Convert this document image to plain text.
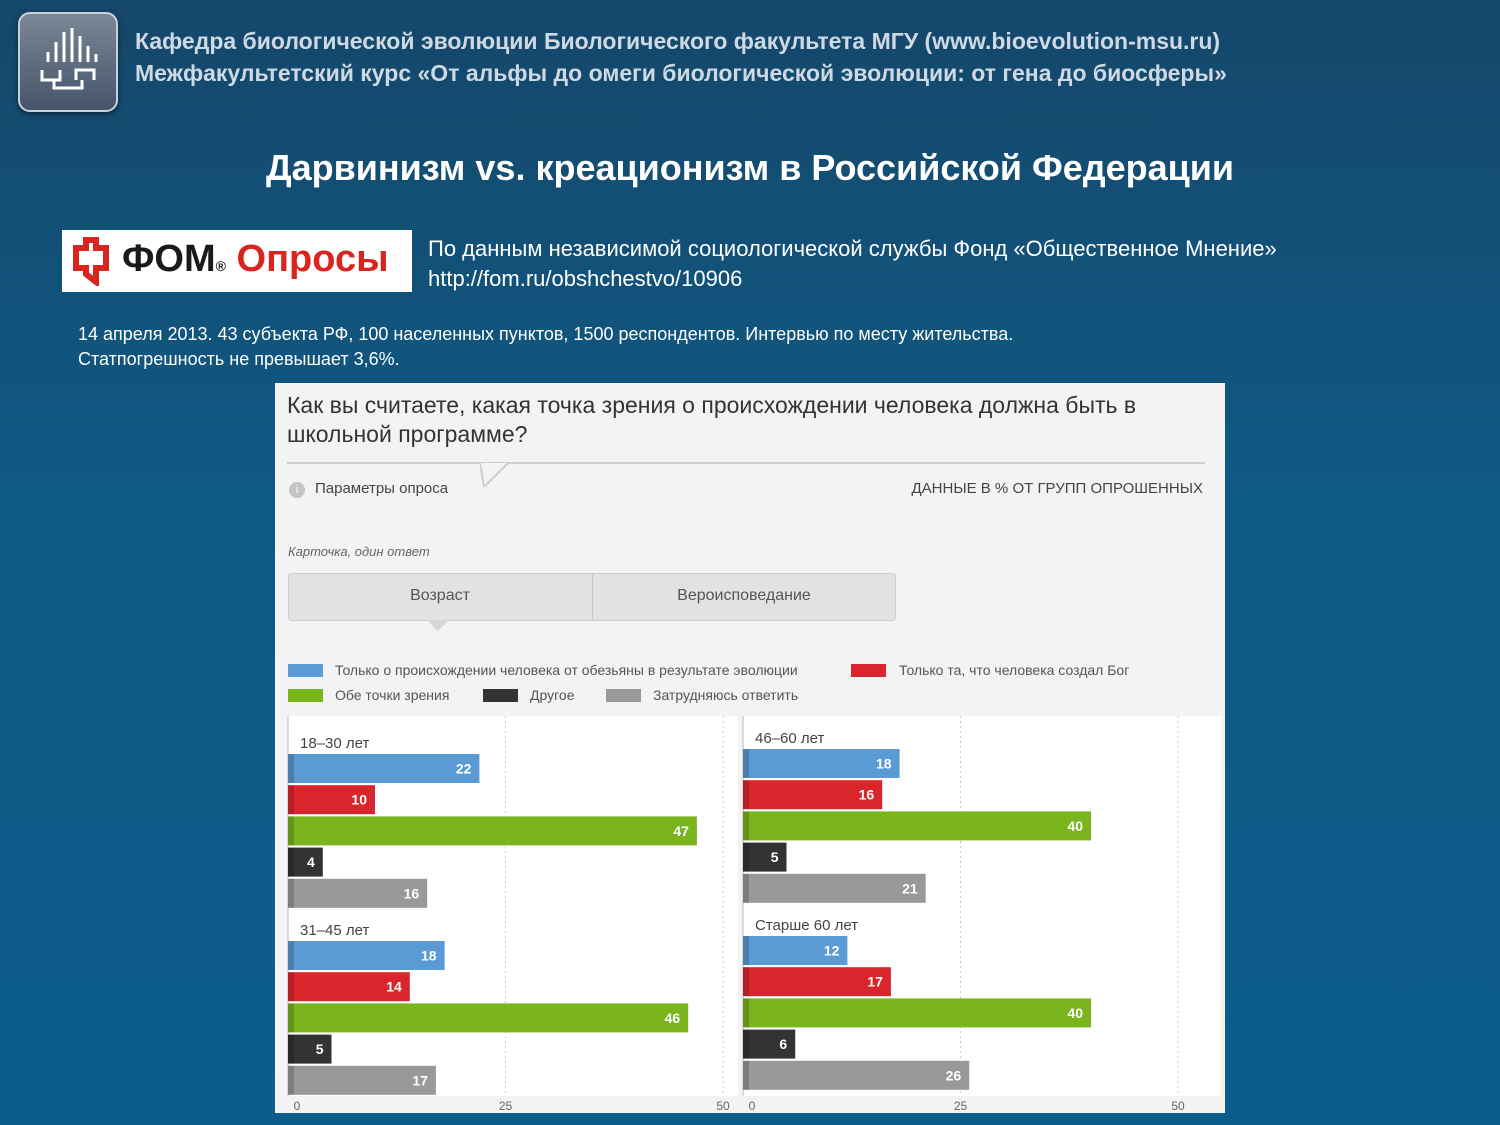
Кафедра биологической эволюции Биологического факультета МГУ (www.bioevolution-msu.ru)
Межфакультетский курс «От альфы до омеги биологической эволюции: от гена до биосферы»
Дарвинизм vs. креационизм в Российской Федерации
ФОМ® Опросы По данным независимой социологической службы Фонд «Общественное Мнение»
http://fom.ru/obshchestvo/10906
14 апреля 2013. 43 субъекта РФ, 100 населенных пунктов, 1500 респондентов. Интервью по месту жительства.
Статпогрешность не превышает 3,6%.
Как вы считаете, какая точка зрения о происхождении человека должна быть в школьной программе?
i	Параметры опроса	ДАННЫЕ В % ОТ ГРУПП ОПРОШЕННЫХ
Карточка, один ответ
Возраст	Вероисповедание
Только о происхождении человека от обезьяны в результате эволюции	Только та, что человека создал Бог
Обе точки зрения	Другое	Затрудняюсь ответить
0	25	50 0	25	50
18–30 лет
22
10
47
4
16
31–45 лет
18
14
46
5
17
46–60 лет
18
16
40
5
21
Старше 60 лет
12
17
40
6
26
